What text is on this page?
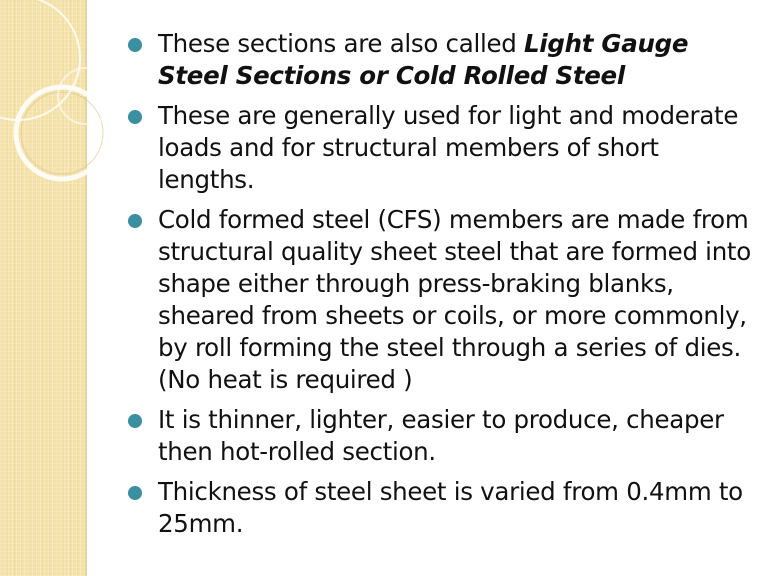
These sections are also called Light Gauge Steel Sections or Cold Rolled Steel
These are generally used for light and moderate loads and for structural members of short lengths.
Cold formed steel (CFS) members are made from structural quality sheet steel that are formed into shape either through press-braking blanks, sheared from sheets or coils, or more commonly, by roll forming the steel through a series of dies. (No heat is required )
It is thinner, lighter, easier to produce, cheaper then hot-rolled section.
Thickness of steel sheet is varied from 0.4mm to 25mm.
